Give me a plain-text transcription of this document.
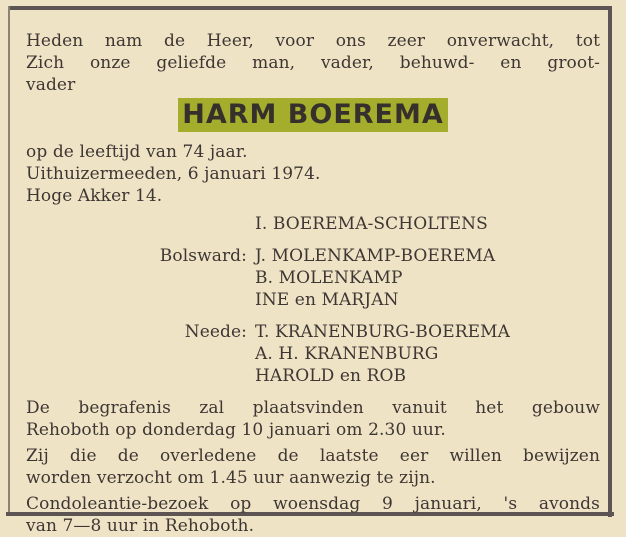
Heden nam de Heer, voor ons zeer onverwacht, tot
Zich onze geliefde man, vader, behuwd- en groot-
vader
HARM BOEREMA
op de leeftijd van 74 jaar.
Uithuizermeeden, 6 januari 1974.
Hoge Akker 14.
I. BOEREMA-SCHOLTENS
Bolsward: J. MOLENKAMP-BOEREMA
B. MOLENKAMP
INE en MARJAN
Neede: T. KRANENBURG-BOEREMA
A. H. KRANENBURG
HAROLD en ROB
De begrafenis zal plaatsvinden vanuit het gebouw
Rehoboth op donderdag 10 januari om 2.30 uur.
Zij die de overledene de laatste eer willen bewijzen
worden verzocht om 1.45 uur aanwezig te zijn.
Condoleantie-bezoek op woensdag 9 januari, 's avonds
van 7—8 uur in Rehoboth.
